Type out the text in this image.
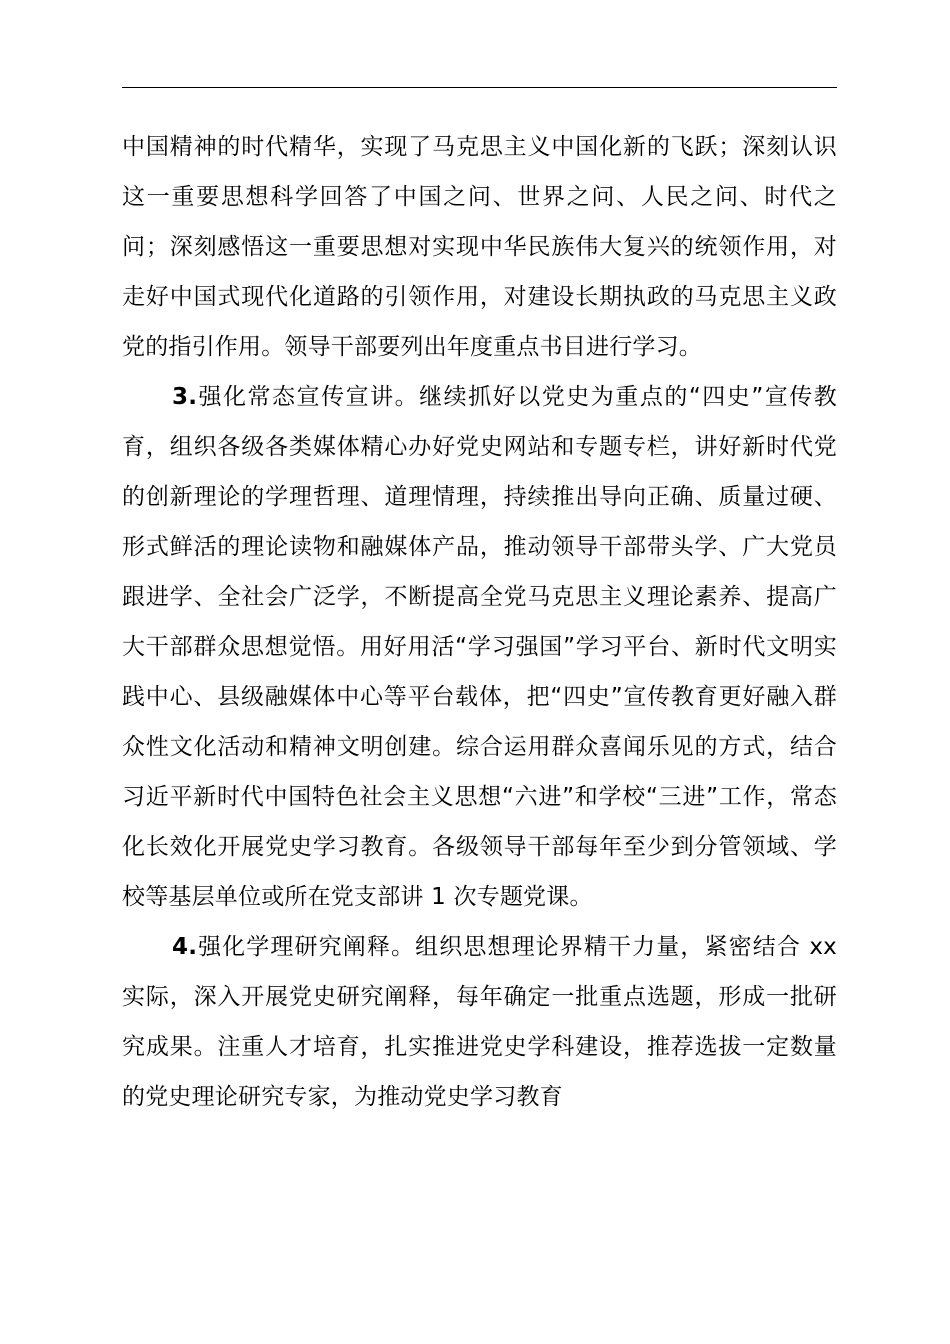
中国精神的时代精华，实现了马克思主义中国化新的飞跃；深刻认识这一重要思想科学回答了中国之问、世界之问、人民之问、时代之问；深刻感悟这一重要思想对实现中华民族伟大复兴的统领作用，对走好中国式现代化道路的引领作用，对建设长期执政的马克思主义政党的指引作用。领导干部要列出年度重点书目进行学习。

3.强化常态宣传宣讲。继续抓好以党史为重点的“四史”宣传教育，组织各级各类媒体精心办好党史网站和专题专栏，讲好新时代党的创新理论的学理哲理、道理情理，持续推出导向正确、质量过硬、形式鲜活的理论读物和融媒体产品，推动领导干部带头学、广大党员跟进学、全社会广泛学，不断提高全党马克思主义理论素养、提高广大干部群众思想觉悟。用好用活“学习强国”学习平台、新时代文明实践中心、县级融媒体中心等平台载体，把“四史”宣传教育更好融入群众性文化活动和精神文明创建。综合运用群众喜闻乐见的方式，结合习近平新时代中国特色社会主义思想“六进”和学校“三进”工作，常态化长效化开展党史学习教育。各级领导干部每年至少到分管领域、学校等基层单位或所在党支部讲 1 次专题党课。

4.强化学理研究阐释。组织思想理论界精干力量，紧密结合 xx 实际，深入开展党史研究阐释，每年确定一批重点选题，形成一批研究成果。注重人才培育，扎实推进党史学科建设，推荐选拔一定数量的党史理论研究专家，为推动党史学习教育
